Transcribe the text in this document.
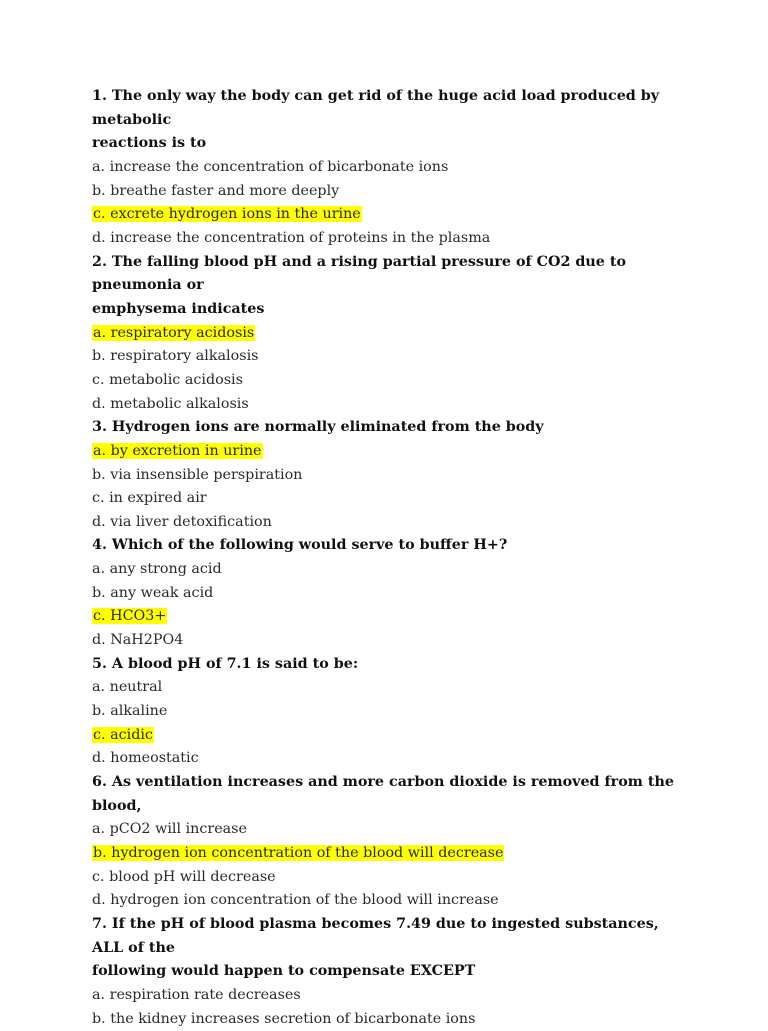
1. The only way the body can get rid of the huge acid load produced by metabolic
reactions is to
a. increase the concentration of bicarbonate ions
b. breathe faster and more deeply
c. excrete hydrogen ions in the urine
d. increase the concentration of proteins in the plasma
2. The falling blood pH and a rising partial pressure of CO2 due to pneumonia or
emphysema indicates
a. respiratory acidosis
b. respiratory alkalosis
c. metabolic acidosis
d. metabolic alkalosis
3. Hydrogen ions are normally eliminated from the body
a. by excretion in urine
b. via insensible perspiration
c. in expired air
d. via liver detoxification
4. Which of the following would serve to buffer H+?
a. any strong acid
b. any weak acid
c. HCO3+
d. NaH2PO4
5. A blood pH of 7.1 is said to be:
a. neutral
b. alkaline
c. acidic
d. homeostatic
6. As ventilation increases and more carbon dioxide is removed from the blood,
a. pCO2 will increase
b. hydrogen ion concentration of the blood will decrease
c. blood pH will decrease
d. hydrogen ion concentration of the blood will increase
7. If the pH of blood plasma becomes 7.49 due to ingested substances, ALL of the
following would happen to compensate EXCEPT
a. respiration rate decreases
b. the kidney increases secretion of bicarbonate ions
